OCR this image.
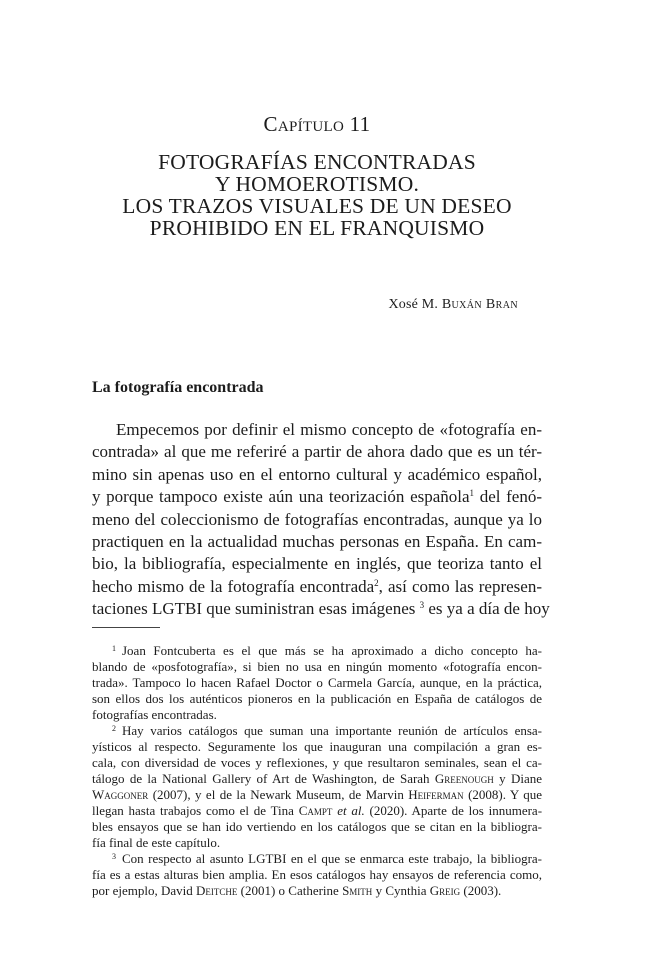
Capítulo 11
FOTOGRAFÍAS ENCONTRADAS
Y HOMOEROTISMO.
LOS TRAZOS VISUALES DE UN DESEO
PROHIBIDO EN EL FRANQUISMO
Xosé M. Buxán Bran
La fotografía encontrada
Empecemos por definir el mismo concepto de «fotografía en-
contrada» al que me referiré a partir de ahora dado que es un tér-
mino sin apenas uso en el entorno cultural y académico español,
y porque tampoco existe aún una teorización española$^1$ del fenó-
meno del coleccionismo de fotografías encontradas, aunque ya lo
practiquen en la actualidad muchas personas en España. En cam-
bio, la bibliografía, especialmente en inglés, que teoriza tanto el
hecho mismo de la fotografía encontrada$^2$, así como las represen-
taciones LGTBI que suministran esas imágenes $^3$ es ya a día de hoy
$^1$ Joan Fontcuberta es el que más se ha aproximado a dicho concepto ha-
blando de «posfotografía», si bien no usa en ningún momento «fotografía encon-
trada». Tampoco lo hacen Rafael Doctor o Carmela García, aunque, en la práctica,
son ellos dos los auténticos pioneros en la publicación en España de catálogos de
fotografías encontradas.
$^2$ Hay varios catálogos que suman una importante reunión de artículos ensa-
yísticos al respecto. Seguramente los que inauguran una compilación a gran es-
cala, con diversidad de voces y reflexiones, y que resultaron seminales, sean el ca-
tálogo de la National Gallery of Art de Washington, de Sarah Greenough y Diane
Waggoner (2007), y el de la Newark Museum, de Marvin Heiferman (2008). Y que
llegan hasta trabajos como el de Tina Campt et al. (2020). Aparte de los innumera-
bles ensayos que se han ido vertiendo en los catálogos que se citan en la bibliogra-
fía final de este capítulo.
$^3$ Con respecto al asunto LGTBI en el que se enmarca este trabajo, la bibliogra-
fía es a estas alturas bien amplia. En esos catálogos hay ensayos de referencia como,
por ejemplo, David Deitche (2001) o Catherine Smith y Cynthia Greig (2003).
